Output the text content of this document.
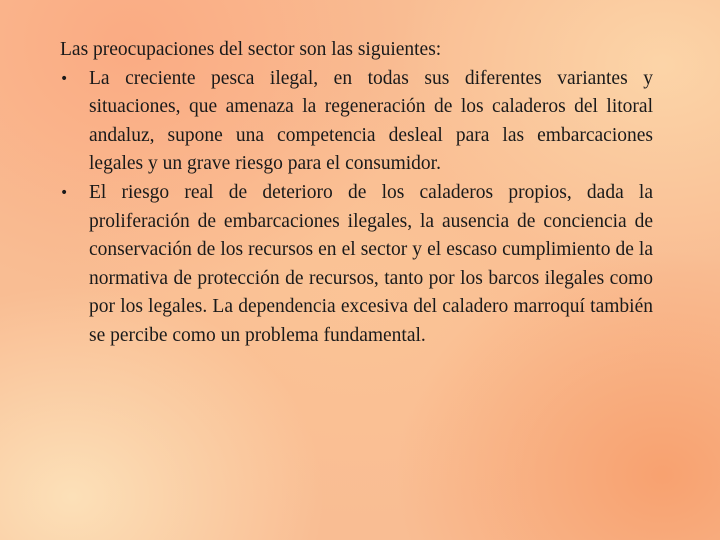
Las preocupaciones del sector son las siguientes:

•	La creciente pesca ilegal, en todas sus diferentes variantes y situaciones, que amenaza la regeneración de los caladeros del litoral andaluz, supone una competencia desleal para las embarcaciones legales y un grave riesgo para el consumidor.
•	El riesgo real de deterioro de los caladeros propios, dada la proliferación de embarcaciones ilegales, la ausencia de conciencia de conservación de los recursos en el sector y el escaso cumplimiento de la normativa de protección de recursos, tanto por los barcos ilegales como por los legales. La dependencia excesiva del caladero marroquí también se percibe como un problema fundamental.
